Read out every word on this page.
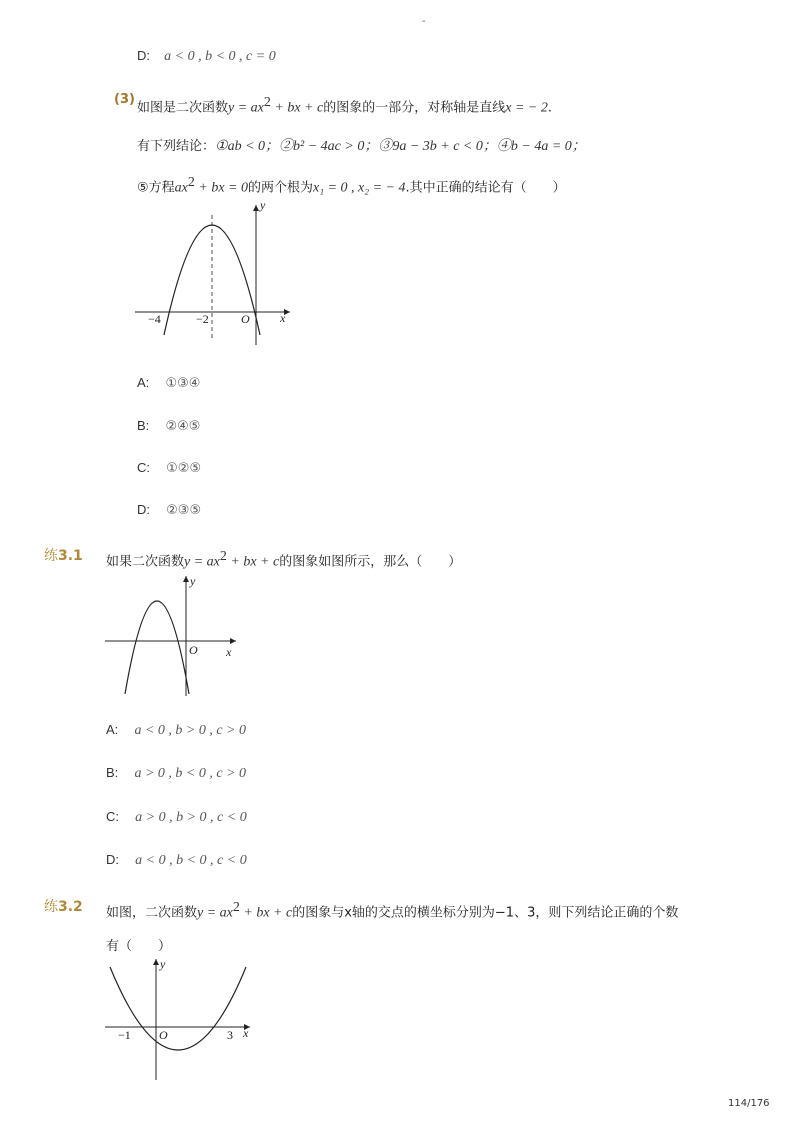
-
D: a < 0 , b < 0 , c = 0
(3)
如图是二次函数$y = ax^2$ + bx + c的图象的一部分，对称轴是直线x = − 2.
有下列结论：①ab < 0；②b² − 4ac > 0；③9a − 3b + c < 0；④b − 4a = 0；
⑤方程$ax^2$ + bx = 0的两个根为x₁ = 0 , x₂ = − 4.其中正确的结论有（　　）
y
x
O
−4	−2
A: ①③④
B: ②④⑤
C: ①②⑤
D: ②③⑤
练3.1 如果二次函数$y = ax^2$ + bx + c的图象如图所示，那么（　　）
y
x
O
A: a < 0 , b > 0 , c > 0
B: a > 0 , b < 0 , c > 0
C: a > 0 , b > 0 , c < 0
D: a < 0 , b < 0 , c < 0
练3.2 如图，二次函数$y = ax^2$ + bx + c的图象与x轴的交点的横坐标分别为−1、3，则下列结论正确的个数
有（　　）
y
x
O
−1	3
114/176
